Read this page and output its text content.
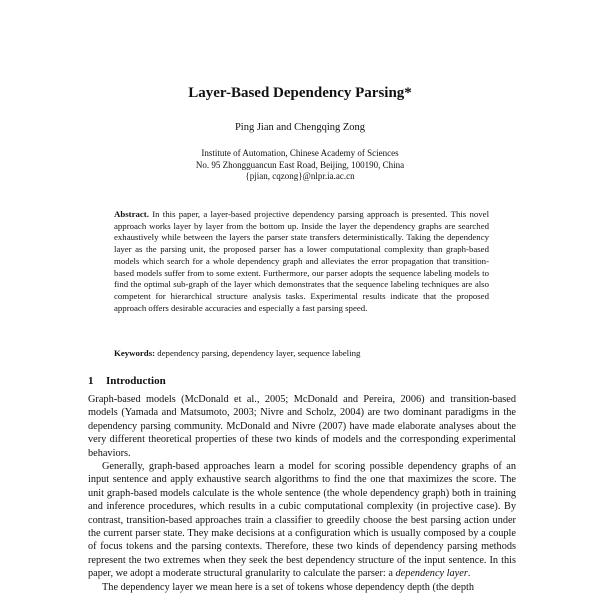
Layer-Based Dependency Parsing*
Ping Jian and Chengqing Zong
Institute of Automation, Chinese Academy of Sciences
No. 95 Zhongguancun East Road, Beijing, 100190, China
{pjian, cqzong}@nlpr.ia.ac.cn
Abstract. In this paper, a layer-based projective dependency parsing approach is presented. This novel approach works layer by layer from the bottom up. Inside the layer the dependency graphs are searched exhaustively while between the layers the parser state transfers deterministically. Taking the dependency layer as the parsing unit, the proposed parser has a lower computational complexity than graph-based models which search for a whole dependency graph and alleviates the error propagation that transition-based models suffer from to some extent. Furthermore, our parser adopts the sequence labeling models to find the optimal sub-graph of the layer which demonstrates that the sequence labeling techniques are also competent for hierarchical structure analysis tasks. Experimental results indicate that the proposed approach offers desirable accuracies and especially a fast parsing speed.
Keywords: dependency parsing, dependency layer, sequence labeling
1 Introduction

Graph-based models (McDonald et al., 2005; McDonald and Pereira, 2006) and transition-based models (Yamada and Matsumoto, 2003; Nivre and Scholz, 2004) are two dominant paradigms in the dependency parsing community. McDonald and Nivre (2007) have made elaborate analyses about the very different theoretical properties of these two kinds of models and the corresponding experimental behaviors.

Generally, graph-based approaches learn a model for scoring possible dependency graphs of an input sentence and apply exhaustive search algorithms to find the one that maximizes the score. The unit graph-based models calculate is the whole sentence (the whole dependency graph) both in training and inference procedures, which results in a cubic computational complexity (in projective case). By contrast, transition-based approaches train a classifier to greedily choose the best parsing action under the current parser state. They make decisions at a configuration which is usually composed by a couple of focus tokens and the parsing contexts. Therefore, these two kinds of dependency parsing methods represent the two extremes when they seek the best dependency structure of the input sentence. In this paper, we adopt a moderate structural granularity to calculate the parser: a dependency layer.

The dependency layer we mean here is a set of tokens whose dependency depth (the depth
